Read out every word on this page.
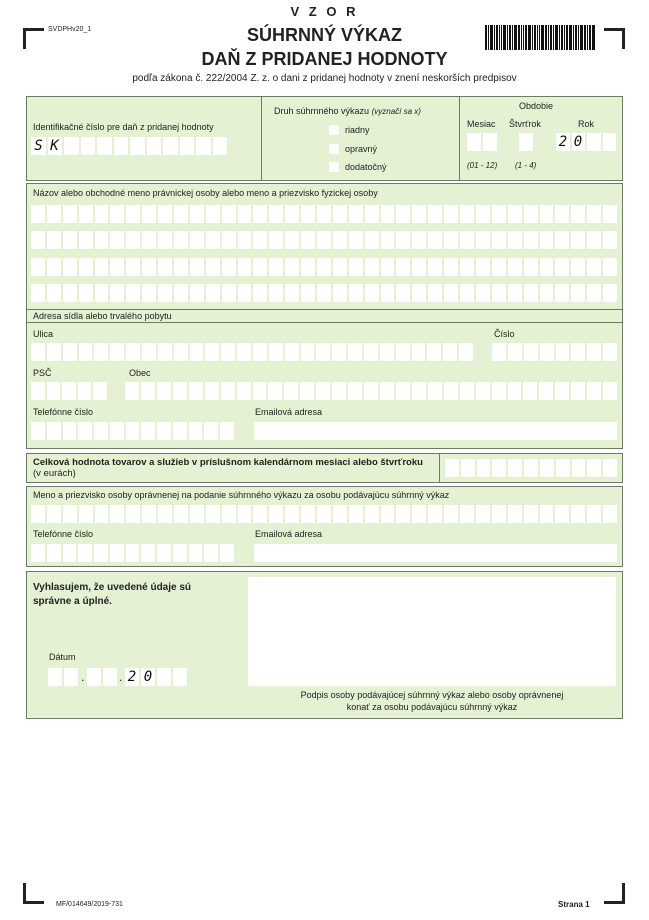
SVDPHv20_1
V Z O R
SÚHRNNÝ VÝKAZ
DAŇ Z PRIDANEJ HODNOTY
podľa zákona č. 222/2004 Z. z. o dani z pridanej hodnoty v znení neskorších predpisov
Identifikačné číslo pre daň z pridanej hodnoty
S K
Druh súhrnného výkazu (vyznačí sa x)
riadny
opravný
dodatočný
Obdobie
Mesiac Štvrťrok	Rok
2 0
(01 - 12) (1 - 4)
Názov alebo obchodné meno právnickej osoby alebo meno a priezvisko fyzickej osoby
Adresa sídla alebo trvalého pobytu
Ulica	Číslo
PSČ	Obec
Telefónne číslo	Emailová adresa
Celková hodnota tovarov a služieb v príslušnom kalendárnom mesiaci alebo štvrťroku (v eurách)
Meno a priezvisko osoby oprávnenej na podanie súhrnného výkazu za osobu podávajúcu súhrnný výkaz
Telefónne číslo	Emailová adresa
Vyhlasujem, že uvedené údaje sú
správne a úplné.
Dátum
.	. 2 0
Podpis osoby podávajúcej súhrnný výkaz alebo osoby oprávnenej
konať za osobu podávajúcu súhrnný výkaz
MF/014649/2019-731	Strana 1
